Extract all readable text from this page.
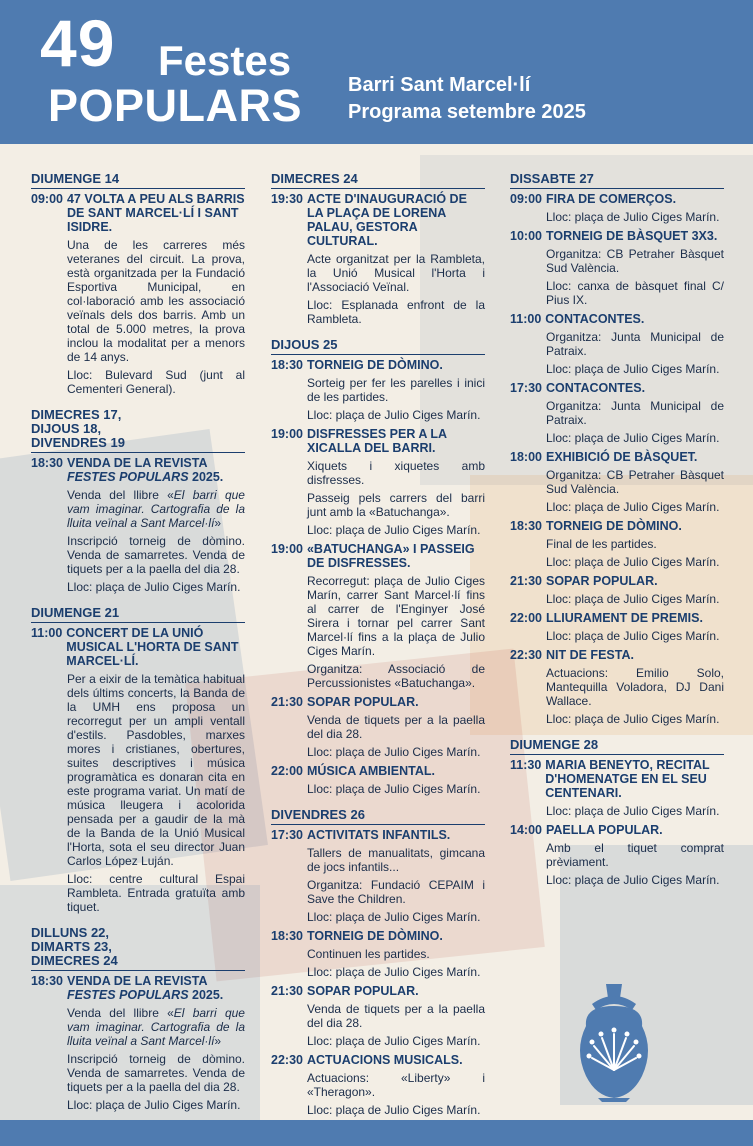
49 Festes
POPULARS Barri Sant Marcel·lí
Programa setembre 2025
DIUMENGE 14
09:00 47 VOLTA A PEU ALS BARRIS DE SANT MARCEL·LÍ I SANT ISIDRE.
Una de les carreres més veteranes del circuit. La prova, està organitzada per la Fundació Esportiva Municipal, en col·laboració amb les associació veïnals dels dos barris. Amb un total de 5.000 metres, la prova inclou la modalitat per a menors de 14 anys.
Lloc: Bulevard Sud (junt al Cementeri General).
DIMECRES 17,
DIJOUS 18,
DIVENDRES 19
18:30 VENDA DE LA REVISTA FESTES POPULARS 2025.
Venda del llibre «El barri que vam imaginar. Cartografia de la lluita veïnal a Sant Marcel·lí»
Inscripció torneig de dòmino. Venda de samarretes. Venda de tiquets per a la paella del dia 28.
Lloc: plaça de Julio Ciges Marín.
DIUMENGE 21
11:00 CONCERT DE LA UNIÓ MUSICAL L'HORTA DE SANT MARCEL·LÍ.
Per a eixir de la temàtica habitual dels últims concerts, la Banda de la UMH ens proposa un recorregut per un ampli ventall d'estils. Pasdobles, marxes mores i cristianes, obertures, suites descriptives i música programàtica es donaran cita en este programa variat. Un matí de música lleugera i acolorida pensada per a gaudir de la mà de la Banda de la Unió Musical l'Horta, sota el seu director Juan Carlos López Luján.
Lloc: centre cultural Espai Rambleta. Entrada gratuïta amb tiquet.
DILLUNS 22,
DIMARTS 23,
DIMECRES 24
18:30 VENDA DE LA REVISTA FESTES POPULARS 2025.
Venda del llibre «El barri que vam imaginar. Cartografia de la lluita veïnal a Sant Marcel·lí»
Inscripció torneig de dòmino. Venda de samarretes. Venda de tiquets per a la paella del dia 28.
Lloc: plaça de Julio Ciges Marín.
DIMECRES 24
19:30 ACTE D'INAUGURACIÓ DE LA PLAÇA DE LORENA PALAU, GESTORA CULTURAL.
Acte organitzat per la Rambleta, la Unió Musical l'Horta i l'Associació Veïnal.
Lloc: Esplanada enfront de la Rambleta.
DIJOUS 25
18:30 TORNEIG DE DÒMINO.
Sorteig per fer les parelles i inici de les partides.
Lloc: plaça de Julio Ciges Marín.
19:00 DISFRESSES PER A LA XICALLA DEL BARRI.
Xiquets i xiquetes amb disfresses.
Passeig pels carrers del barri junt amb la «Batuchanga».
Lloc: plaça de Julio Ciges Marín.
19:00 «BATUCHANGA» I PASSEIG DE DISFRESSES.
Recorregut: plaça de Julio Ciges Marín, carrer Sant Marcel·lí fins al carrer de l'Enginyer José Sirera i tornar pel carrer Sant Marcel·lí fins a la plaça de Julio Ciges Marín.
Organitza: Associació de Percussionistes «Batuchanga».
21:30 SOPAR POPULAR.
Venda de tiquets per a la paella del dia 28.
Lloc: plaça de Julio Ciges Marín.
22:00 MÚSICA AMBIENTAL.
Lloc: plaça de Julio Ciges Marín.
DIVENDRES 26
17:30 ACTIVITATS INFANTILS.
Tallers de manualitats, gimcana de jocs infantils...
Organitza: Fundació CEPAIM i Save the Children.
Lloc: plaça de Julio Ciges Marín.
18:30 TORNEIG DE DÒMINO.
Continuen les partides.
Lloc: plaça de Julio Ciges Marín.
21:30 SOPAR POPULAR.
Venda de tiquets per a la paella del dia 28.
Lloc: plaça de Julio Ciges Marín.
22:30 ACTUACIONS MUSICALS.
Actuacions: «Liberty» i «Theragon».
Lloc: plaça de Julio Ciges Marín.
DISSABTE 27
09:00 FIRA DE COMERÇOS.
Lloc: plaça de Julio Ciges Marín.
10:00 TORNEIG DE BÀSQUET 3X3.
Organitza: CB Petraher Bàsquet Sud València.
Lloc: canxa de bàsquet final C/ Pius IX.
11:00 CONTACONTES.
Organitza: Junta Municipal de Patraix.
Lloc: plaça de Julio Ciges Marín.
17:30 CONTACONTES.
Organitza: Junta Municipal de Patraix.
Lloc: plaça de Julio Ciges Marín.
18:00 EXHIBICIÓ DE BÀSQUET.
Organitza: CB Petraher Bàsquet Sud València.
Lloc: plaça de Julio Ciges Marín.
18:30 TORNEIG DE DÒMINO.
Final de les partides.
Lloc: plaça de Julio Ciges Marín.
21:30 SOPAR POPULAR.
Lloc: plaça de Julio Ciges Marín.
22:00 LLIURAMENT DE PREMIS.
Lloc: plaça de Julio Ciges Marín.
22:30 NIT DE FESTA.
Actuacions: Emilio Solo, Mantequilla Voladora, DJ Dani Wallace.
Lloc: plaça de Julio Ciges Marín.
DIUMENGE 28
11:30 MARIA BENEYTO, RECITAL D'HOMENATGE EN EL SEU CENTENARI.
Lloc: plaça de Julio Ciges Marín.
14:00 PAELLA POPULAR.
Amb el tiquet comprat prèviament.
Lloc: plaça de Julio Ciges Marín.
